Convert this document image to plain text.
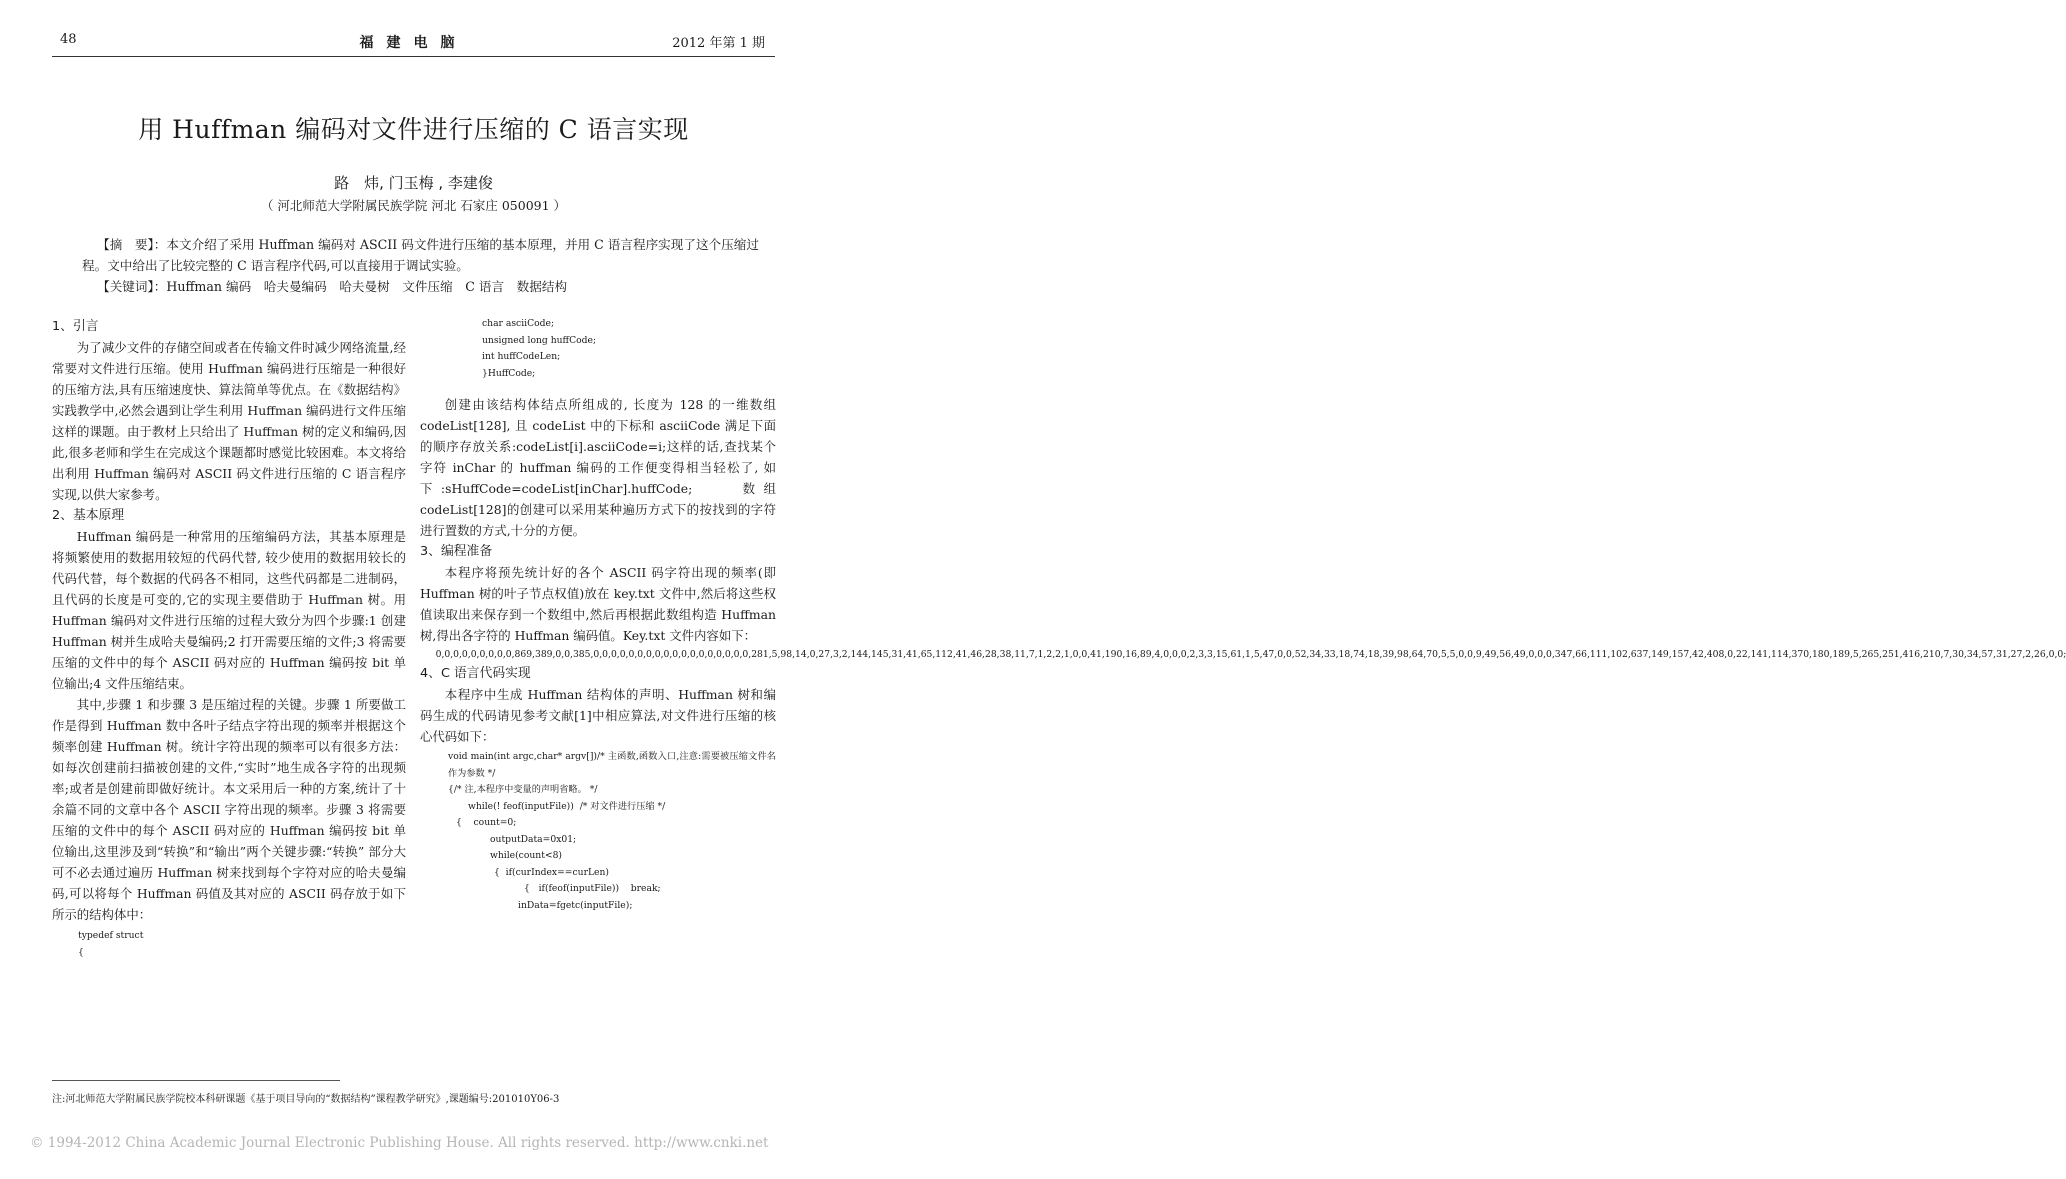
48	福建电脑	2012 年第 1 期
用 Huffman 编码对文件进行压缩的 C 语言实现
路　炜, 门玉梅 , 李建俊
（ 河北师范大学附属民族学院 河北 石家庄 050091 ）
【摘　要】：本文介绍了采用 Huffman 编码对 ASCII 码文件进行压缩的基本原理，并用 C 语言程序实现了这个压缩过程。文中给出了比较完整的 C 语言程序代码,可以直接用于调试实验。
【关键词】：Huffman 编码　哈夫曼编码　哈夫曼树　文件压缩　C 语言　数据结构
1、引言

为了减少文件的存储空间或者在传输文件时减少网络流量,经常要对文件进行压缩。使用 Huffman 编码进行压缩是一种很好的压缩方法,具有压缩速度快、算法简单等优点。在《数据结构》实践教学中,必然会遇到让学生利用 Huffman 编码进行文件压缩这样的课题。由于教材上只给出了 Huffman 树的定义和编码,因此,很多老师和学生在完成这个课题都时感觉比较困难。本文将给出利用 Huffman 编码对 ASCII 码文件进行压缩的 C 语言程序实现,以供大家参考。

2、基本原理

Huffman 编码是一种常用的压缩编码方法，其基本原理是将频繁使用的数据用较短的代码代替, 较少使用的数据用较长的代码代替，每个数据的代码各不相同，这些代码都是二进制码，且代码的长度是可变的,它的实现主要借助于 Huffman 树。用 Huffman 编码对文件进行压缩的过程大致分为四个步骤:1 创建 Huffman 树并生成哈夫曼编码;2 打开需要压缩的文件;3 将需要压缩的文件中的每个 ASCII 码对应的 Huffman 编码按 bit 单位输出;4 文件压缩结束。

其中,步骤 1 和步骤 3 是压缩过程的关键。步骤 1 所要做工作是得到 Huffman 数中各叶子结点字符出现的频率并根据这个频率创建 Huffman 树。统计字符出现的频率可以有很多方法：如每次创建前扫描被创建的文件,“实时”地生成各字符的出现频率;或者是创建前即做好统计。本文采用后一种的方案,统计了十余篇不同的文章中各个 ASCII 字符出现的频率。步骤 3 将需要压缩的文件中的每个 ASCII 码对应的 Huffman 编码按 bit 单位输出,这里涉及到“转换”和“输出”两个关键步骤:“转换” 部分大可不必去通过遍历 Huffman 树来找到每个字符对应的哈夫曼编码,可以将每个 Huffman 码值及其对应的 ASCII 码存放于如下所示的结构体中：

typedef struct
{
char asciiCode;
unsigned long huffCode;
int huffCodeLen;
}HuffCode;

创建由该结构体结点所组成的, 长度为 128 的一维数组 codeList[128], 且 codeList 中的下标和 asciiCode 满足下面的顺序存放关系:codeList[i].asciiCode=i;这样的话,查找某个字符 inChar 的 huffman 编码的工作便变得相当轻松了, 如下:sHuffCode=codeList[inChar].huffCode;　　数组 codeList[128]的创建可以采用某种遍历方式下的按找到的字符进行置数的方式,十分的方便。

3、编程准备

本程序将预先统计好的各个 ASCII 码字符出现的频率(即 Huffman 树的叶子节点权值)放在 key.txt 文件中,然后将这些权值读取出来保存到一个数组中,然后再根据此数组构造 Huffman 树,得出各字符的 Huffman 编码值。Key.txt 文件内容如下：

0,0,0,0,0,0,0,0,0,869,389,0,0,385,0,0,0,0,0,0,0,0,0,0,0,0,0,0,0,0,0,0,281,5,98,14,0,27,3,2,144,145,31,41,65,112,41,46,28,38,11,7,1,2,2,1,0,0,41,190,16,89,4,0,0,0,2,3,3,15,61,1,5,47,0,0,52,34,33,18,74,18,39,98,64,70,5,5,0,0,9,49,56,49,0,0,0,347,66,111,102,637,149,157,42,408,0,22,141,114,370,180,189,5,265,251,416,210,7,30,34,57,31,27,2,26,0,0;
4、C 语言代码实现

本程序中生成 Huffman 结构体的声明、Huffman 树和编码生成的代码请见参考文献[1]中相应算法,对文件进行压缩的核心代码如下：

void main(int argc,char* argv[])/* 主函数,函数入口,注意:需要被压缩文件名作为参数 */
{/* 注,本程序中变量的声明省略。 */
while(! feof(inputFile))  /* 对文件进行压缩 */
{    count=0;
outputData=0x01;
while(count<8)
{  if(curIndex==curLen)
{   if(feof(inputFile))    break;
inData=fgetc(inputFile);
注:河北师范大学附属民族学院校本科研课题《基于项目导向的“数据结构”课程教学研究》,课题编号:201010Y06-3
© 1994-2012 China Academic Journal Electronic Publishing House. All rights reserved. http://www.cnki.net
